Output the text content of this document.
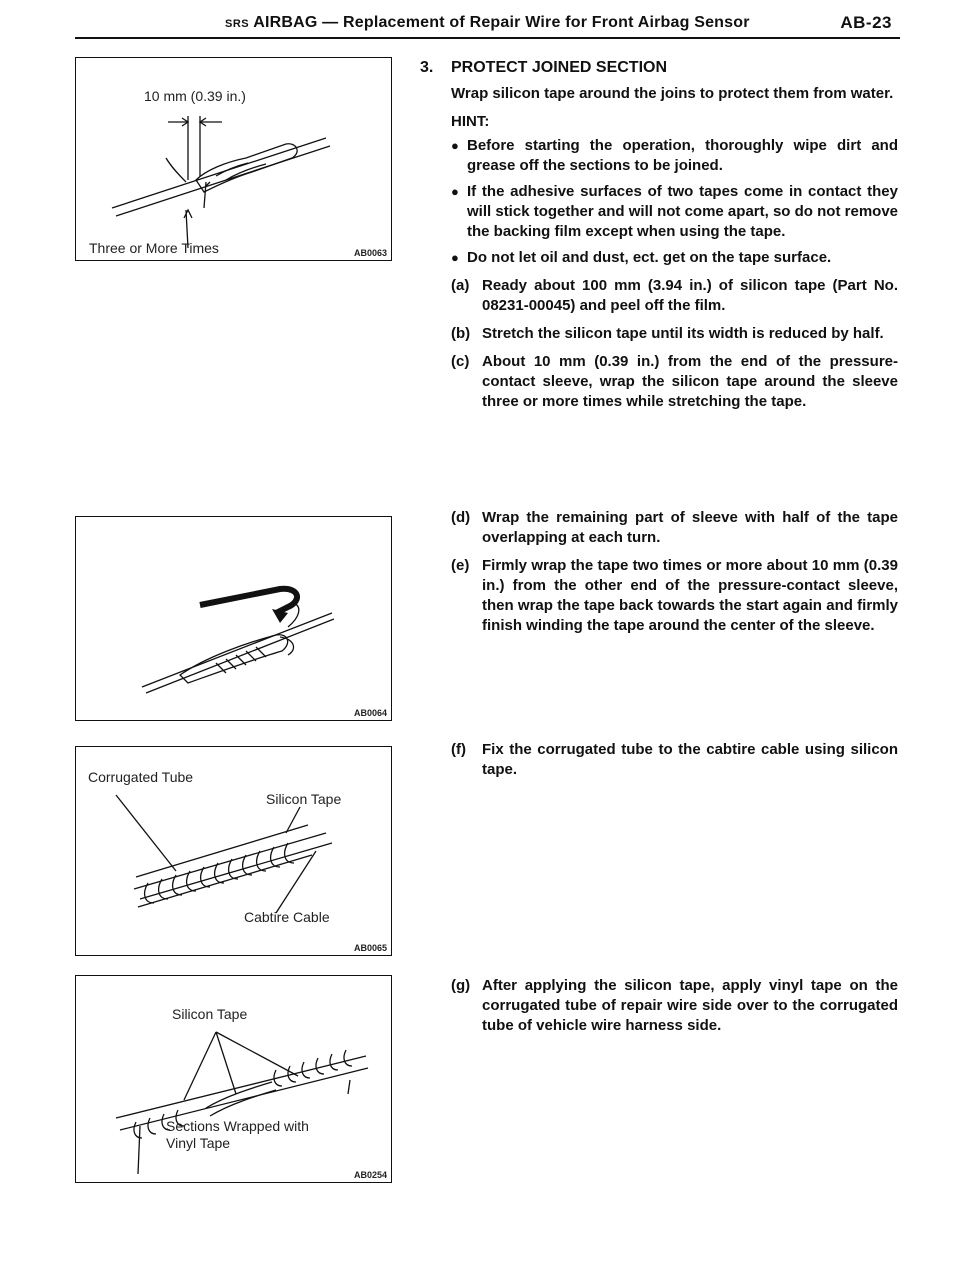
SRS AIRBAG — Replacement of Repair Wire for Front Airbag Sensor	AB-23
10 mm (0.39 in.)
Three or More Times	AB0063
AB0064
Corrugated Tube
Silicon Tape
Cabtire Cable
AB0065
Silicon Tape
Sections Wrapped with
Vinyl Tape
AB0254
3.	PROTECT JOINED SECTION

Wrap silicon tape around the joins to protect them from water.

HINT:

● Before starting the operation, thoroughly wipe dirt and grease off the sections to be joined.
● If the adhesive surfaces of two tapes come in contact they will stick together and will not come apart, so do not remove the backing film except when using the tape.
● Do not let oil and dust, ect. get on the tape surface.
(a) Ready about 100 mm (3.94 in.) of silicon tape (Part No. 08231-00045) and peel off the film.
(b) Stretch the silicon tape until its width is reduced by half.
(c) About 10 mm (0.39 in.) from the end of the pressure-contact sleeve, wrap the silicon tape around the sleeve three or more times while stretching the tape.
(d) Wrap the remaining part of sleeve with half of the tape overlapping at each turn.
(e) Firmly wrap the tape two times or more about 10 mm (0.39 in.) from the other end of the pressure-contact sleeve, then wrap the tape back towards the start again and firmly finish winding the tape around the center of the sleeve.
(f)	Fix the corrugated tube to the cabtire cable using silicon tape.
(g) After applying the silicon tape, apply vinyl tape on the corrugated tube of repair wire side over to the corrugated tube of vehicle wire harness side.
